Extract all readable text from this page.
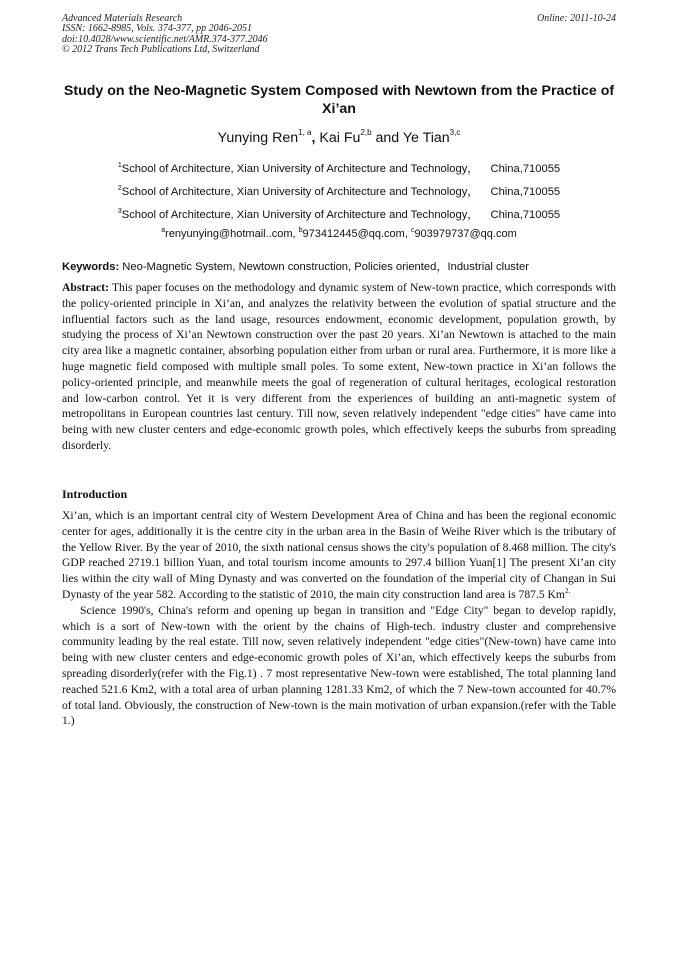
Advanced Materials Research
ISSN: 1662-8985, Vols. 374-377, pp 2046-2051
doi:10.4028/www.scientific.net/AMR.374-377.2046
© 2012 Trans Tech Publications Ltd, Switzerland
Online: 2011-10-24
Study on the Neo-Magnetic System Composed with Newtown from the Practice of Xi’an
Yunying Ren$^{1, a}$, Kai Fu$^{2,b}$ and Ye Tian$^{3,c}$
$^1$School of Architecture, Xian University of Architecture and Technology， China,710055
$^2$School of Architecture, Xian University of Architecture and Technology， China,710055
$^3$School of Architecture, Xian University of Architecture and Technology， China,710055
$^a$renyunying@hotmail..com, $^b$973412445@qq.com, $^c$903979737@qq.com
Keywords: Neo-Magnetic System, Newtown construction, Policies oriented，Industrial cluster
Abstract: This paper focuses on the methodology and dynamic system of New-town practice, which corresponds with the policy-oriented principle in Xi’an, and analyzes the relativity between the evolution of spatial structure and the influential factors such as the land usage, resources endowment, economic development, population growth, by studying the process of Xi’an Newtown construction over the past 20 years. Xi’an Newtown is attached to the main city area like a magnetic container, absorbing population either from urban or rural area. Furthermore, it is more like a huge magnetic field composed with multiple small poles. To some extent, New-town practice in Xi’an follows the policy-oriented principle, and meanwhile meets the goal of regeneration of cultural heritages, ecological restoration and low-carbon control. Yet it is very different from the experiences of building an anti-magnetic system of metropolitans in European countries last century. Till now, seven relatively independent "edge cities" have came into being with new cluster centers and edge-economic growth poles, which effectively keeps the suburbs from spreading disorderly.
Introduction

Xi’an, which is an important central city of Western Development Area of China and has been the regional economic center for ages, additionally it is the centre city in the urban area in the Basin of Weihe River which is the tributary of the Yellow River. By the year of 2010, the sixth national census shows the city's population of 8.468 million. The city's GDP reached 2719.1 billion Yuan, and total tourism income amounts to 297.4 billion Yuan[1] The present Xi’an city lies within the city wall of Ming Dynasty and was converted on the foundation of the imperial city of Changan in Sui Dynasty of the year 582. According to the statistic of 2010, the main city construction land area is 787.5 $Km^{2.}$

Science 1990's, China's reform and opening up began in transition and "Edge City" began to develop rapidly, which is a sort of New-town with the orient by the chains of High-tech. industry cluster and comprehensive community leading by the real estate. Till now, seven relatively independent "edge cities"(New-town) have came into being with new cluster centers and edge-economic growth poles of Xi’an, which effectively keeps the suburbs from spreading disorderly(refer with the Fig.1) . 7 most representative New-town were established, The total planning land reached 521.6 Km2, with a total area of urban planning 1281.33 Km2, of which the 7 New-town accounted for 40.7% of total land. Obviously, the construction of New-town is the main motivation of urban expansion.(refer with the Table 1.)
